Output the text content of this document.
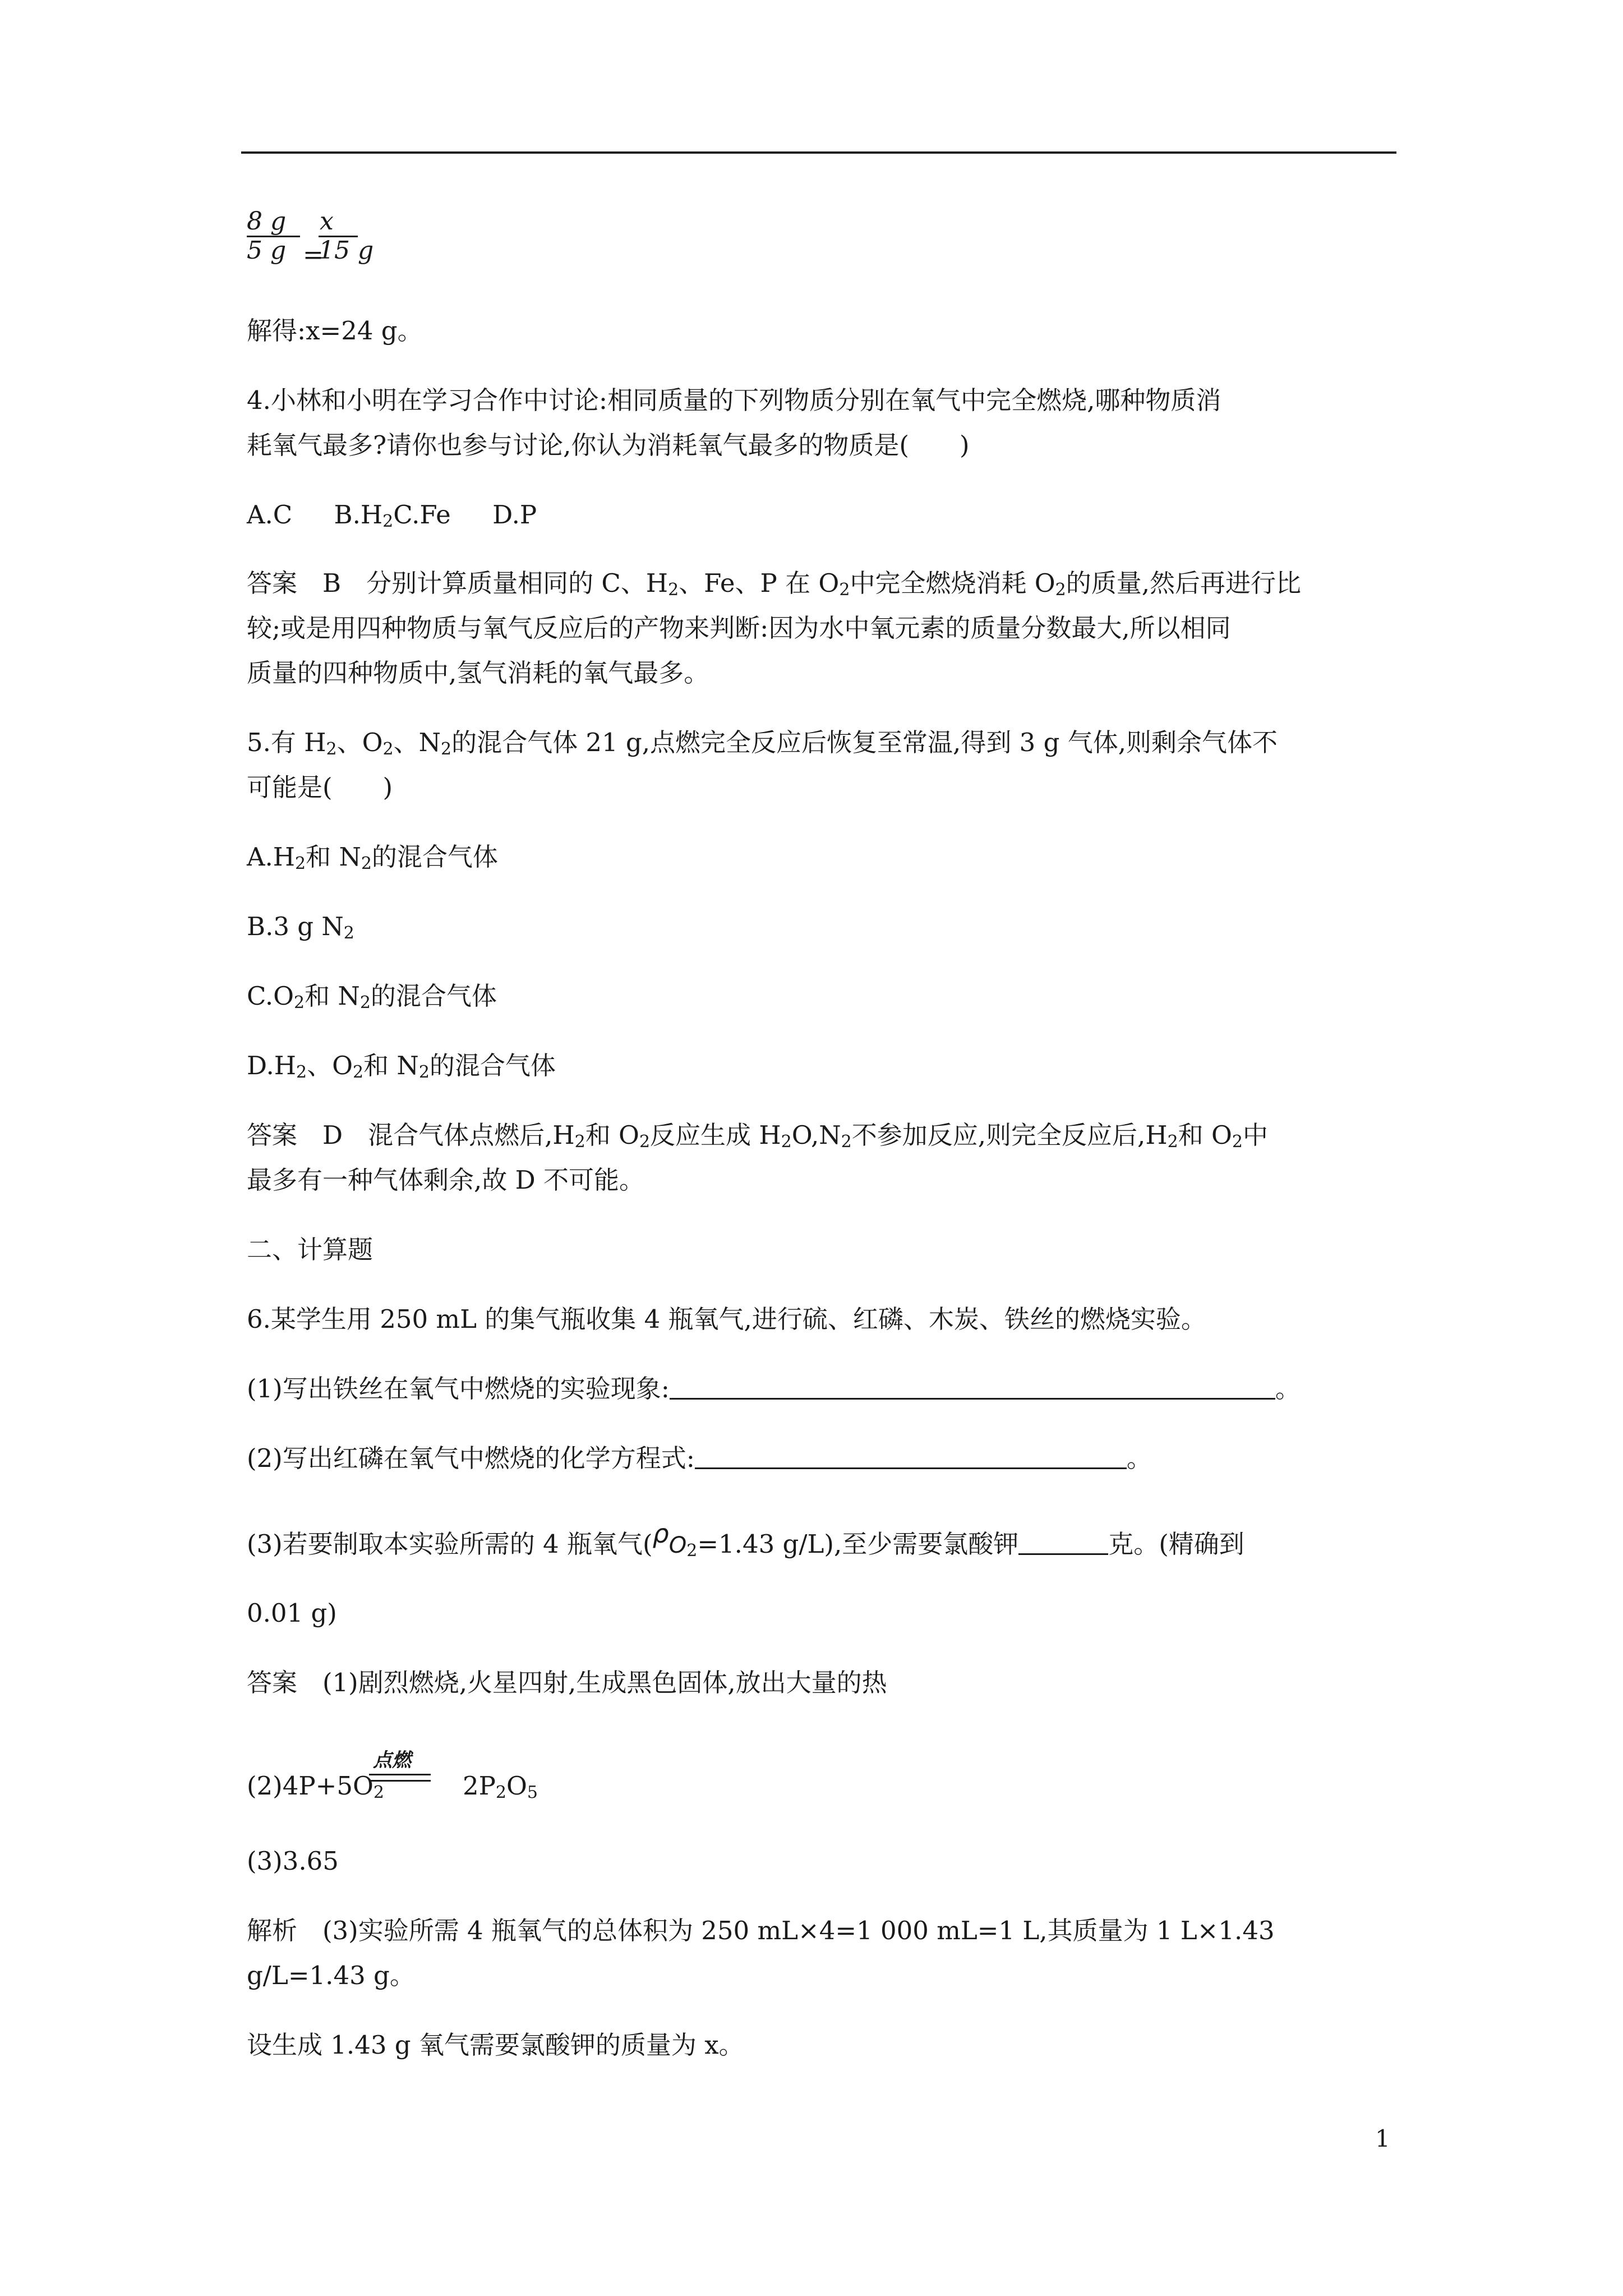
8 g
5 g =
x
15 g
解得:x=24 g。
4.小林和小明在学习合作中讨论:相同质量的下列物质分别在氧气中完全燃烧,哪种物质消
耗氧气最多?请你也参与讨论,你认为消耗氧气最多的物质是(　　)
A.C $B.H_2C.Fe$ D.P
答案　B　分别计算质量相同的 C、$H_2$、Fe、P 在 $O_2$中完全燃烧消耗 $O_2$的质量,然后再进行比
较;或是用四种物质与氧气反应后的产物来判断:因为水中氧元素的质量分数最大,所以相同
质量的四种物质中,氢气消耗的氧气最多。
5.有 $H_2$、$O_2$、$N_2$的混合气体 21 g,点燃完全反应后恢复至常温,得到 3 g 气体,则剩余气体不
可能是(　　)
$A.H_2$和 $N_2$的混合气体
B.3 g $N_2$
$C.O_2$和 $N_2$的混合气体
$D.H_2$、$O_2$和 $N_2$的混合气体
答案　D　混合气体点燃后$,H_2$和 $O_2$反应生成 $H_2O,N_2$不参加反应,则完全反应后$,H_2$和 $O_2$中
最多有一种气体剩余,故 D 不可能。
二、计算题
6.某学生用 250 mL 的集气瓶收集 4 瓶氧气,进行硫、红磷、木炭、铁丝的燃烧实验。
(1)写出铁丝在氧气中燃烧的实验现象:	。
(2)写出红磷在氧气中燃烧的化学方程式:	。
(3)若要制取本实验所需的 4 瓶氧气($\rho O_2=1.43$ g/L),至少需要氯酸钾	克。(精确到
0.01 g)
答案　(1)剧烈燃烧,火星四射,生成黑色固体,放出大量的热
$(2)4P+5O_2$	$2P_2O_5$
点燃
(3)3.65
解析　(3)实验所需 4 瓶氧气的总体积为 250 mL×4=1 000 mL=1 L,其质量为 1 L×1.43
g/L=1.43 g。
设生成 1.43 g 氧气需要氯酸钾的质量为 x。
1
